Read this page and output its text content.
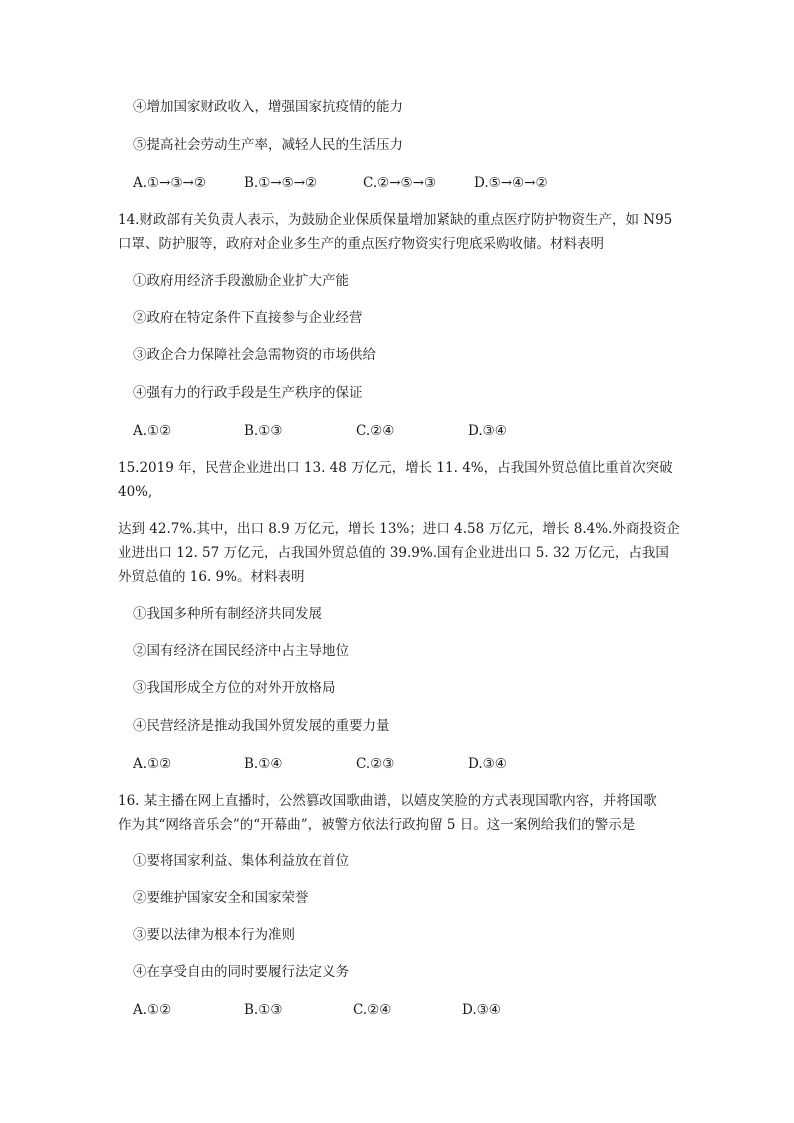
④增加国家财政收入，增强国家抗疫情的能力
⑤提高社会劳动生产率，减轻人民的生活压力
A.①→③→②	B.①→⑤→②	C.②→⑤→③	D.⑤→④→②
14.财政部有关负责人表示，为鼓励企业保质保量增加紧缺的重点医疗防护物资生产，如 N95
口罩、防护服等，政府对企业多生产的重点医疗物资实行兜底采购收储。材料表明
①政府用经济手段激励企业扩大产能
②政府在特定条件下直接参与企业经营
③政企合力保障社会急需物资的市场供给
④强有力的行政手段是生产秩序的保证
A.①②	B.①③	C.②④	D.③④
15.2019 年，民营企业进出口 13. 48 万亿元，增长 11. 4%，占我国外贸总值比重首次突破
40%,
达到 42.7%.其中，出口 8.9 万亿元，增长 13%；进口 4.58 万亿元，增长 8.4%.外商投资企
业进出口 12. 57 万亿元，占我国外贸总值的 39.9%.国有企业进出口 5. 32 万亿元，占我国
外贸总值的 16. 9%。材料表明
①我国多种所有制经济共同发展
②国有经济在国民经济中占主导地位
③我国形成全方位的对外开放格局
④民营经济是推动我国外贸发展的重要力量
A.①②	B.①④	C.②③	D.③④
16. 某主播在网上直播时，公然篡改国歌曲谱，以嬉皮笑脸的方式表现国歌内容，并将国歌
作为其“网络音乐会”的“开幕曲”，被警方依法行政拘留 5 日。这一案例给我们的警示是
①要将国家利益、集体利益放在首位
②要维护国家安全和国家荣誉
③要以法律为根本行为准则
④在享受自由的同时要履行法定义务
A.①②	B.①③	C.②④	D.③④
